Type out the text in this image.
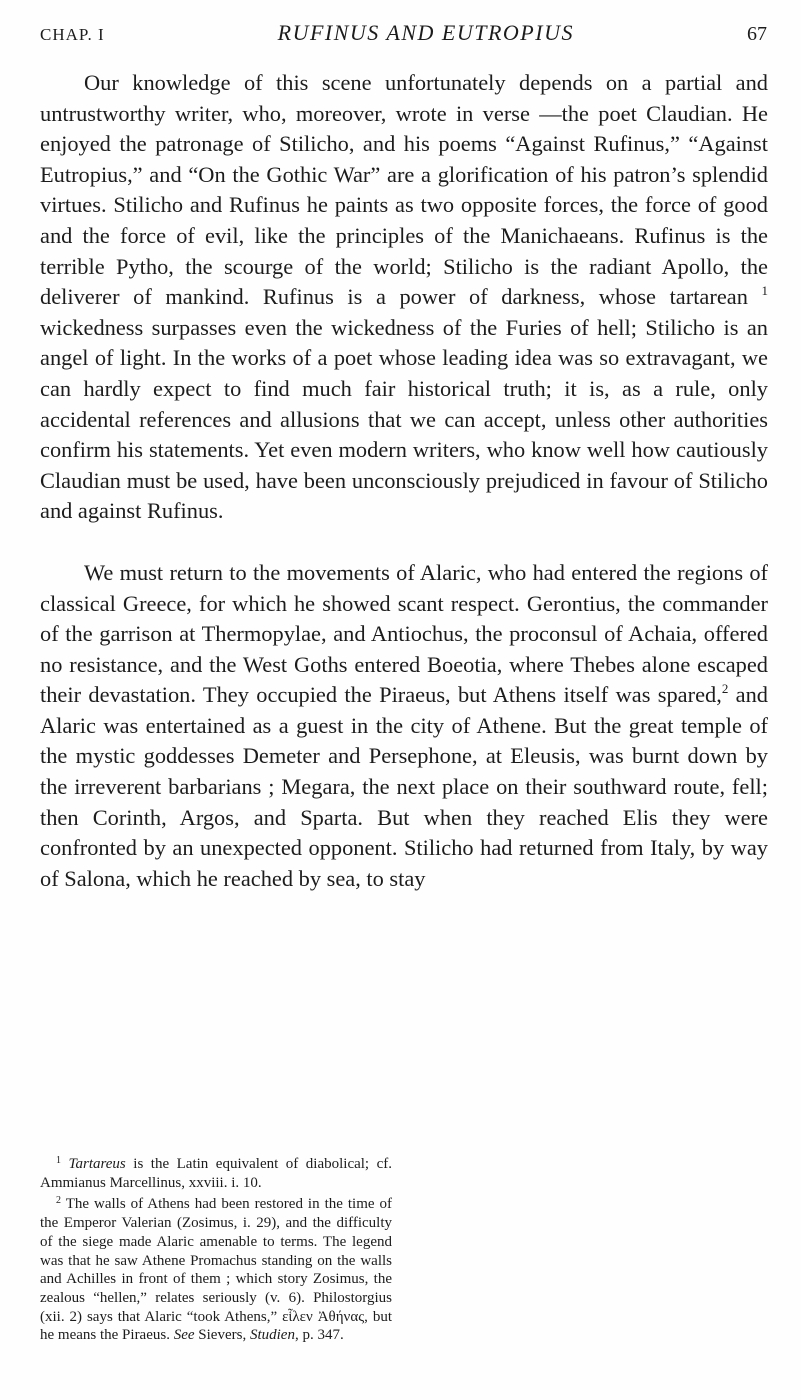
CHAP. I	RUFINUS AND EUTROPIUS	67

Our knowledge of this scene unfortunately depends on a partial and untrustworthy writer, who, moreover, wrote in verse —the poet Claudian. He enjoyed the patronage of Stilicho, and his poems “Against Rufinus,” “Against Eutropius,” and “On the Gothic War” are a glorification of his patron’s splendid virtues. Stilicho and Rufinus he paints as two opposite forces, the force of good and the force of evil, like the principles of the Manichaeans. Rufinus is the terrible Pytho, the scourge of the world; Stilicho is the radiant Apollo, the deliverer of mankind. Rufinus is a power of darkness, whose tartarean $^1$ wickedness surpasses even the wickedness of the Furies of hell; Stilicho is an angel of light. In the works of a poet whose leading idea was so extravagant, we can hardly expect to find much fair historical truth; it is, as a rule, only accidental references and allusions that we can accept, unless other authorities confirm his statements. Yet even modern writers, who know well how cautiously Claudian must be used, have been unconsciously prejudiced in favour of Stilicho and against Rufinus.

We must return to the movements of Alaric, who had entered the regions of classical Greece, for which he showed scant respect. Gerontius, the commander of the garrison at Thermopylae, and Antiochus, the proconsul of Achaia, offered no resistance, and the West Goths entered Boeotia, where Thebes alone escaped their devastation. They occupied the Piraeus, but Athens itself was spared,$^2$ and Alaric was entertained as a guest in the city of Athene. But the great temple of the mystic goddesses Demeter and Persephone, at Eleusis, was burnt down by the irreverent barbarians ; Megara, the next place on their southward route, fell; then Corinth, Argos, and Sparta. But when they reached Elis they were confronted by an unexpected opponent. Stilicho had returned from Italy, by way of Salona, which he reached by sea, to stay

$^1$ Tartareus is the Latin equivalent of diabolical; cf. Ammianus Marcellinus, xxviii. i. 10.

$^2$ The walls of Athens had been restored in the time of the Emperor Valerian (Zosimus, i. 29), and the difficulty of the siege made Alaric amenable to terms. The legend was that he saw Athene Promachus standing on the walls and Achilles in front of them ; which story Zosimus, the zealous “hellen,” relates seriously (v. 6). Philostorgius (xii. 2) says that Alaric “took Athens,” εἷλεν Ἀθήνας, but he means the Piraeus. See Sievers, Studien, p. 347.
